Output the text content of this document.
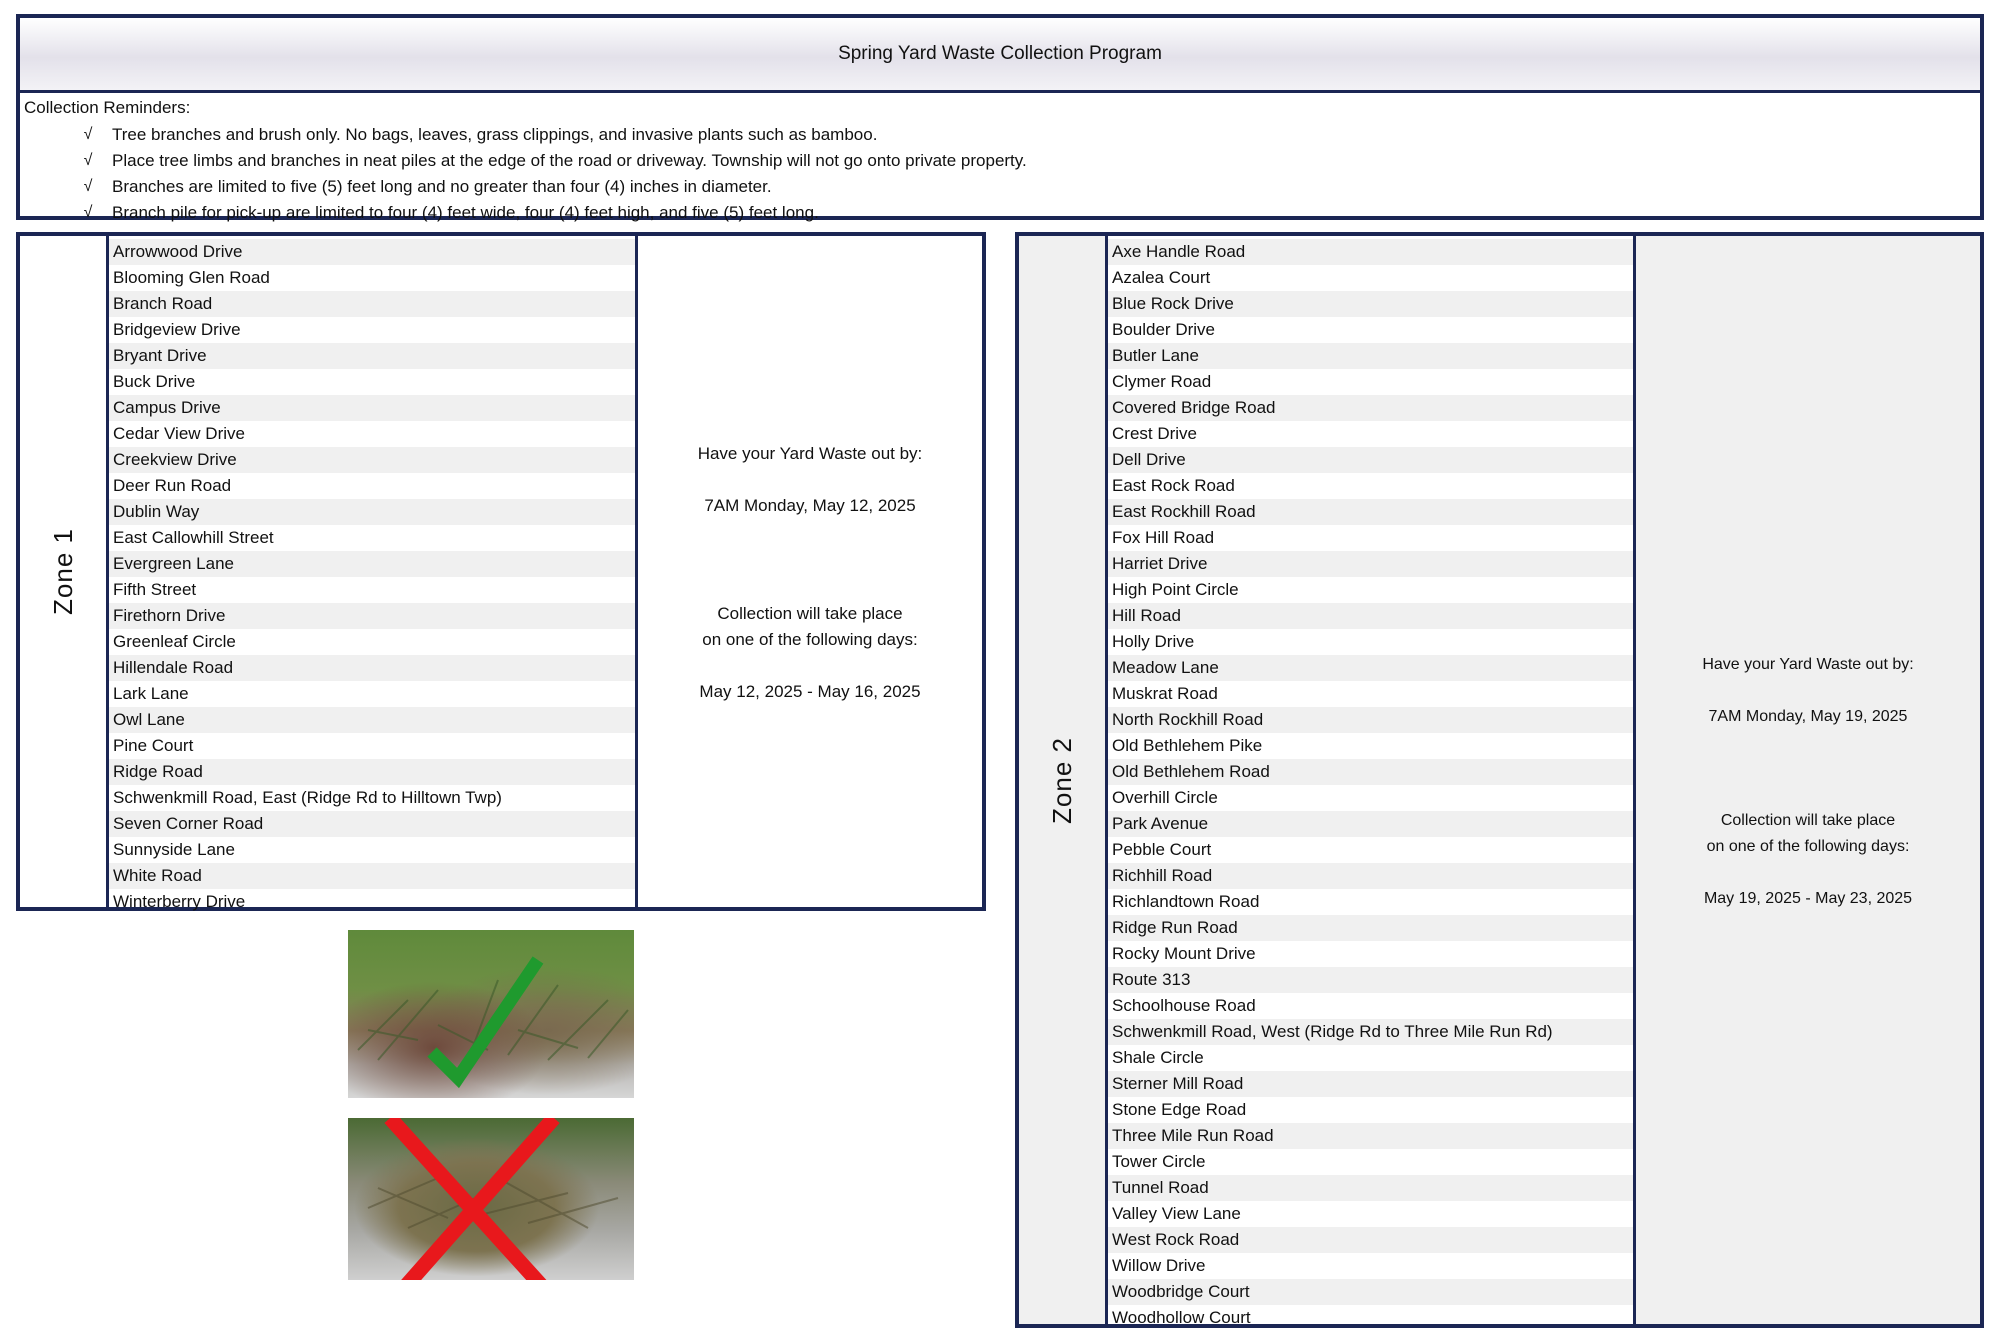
Spring Yard Waste Collection Program
Collection Reminders:
√	Tree branches and brush only. No bags, leaves, grass clippings, and invasive plants such as bamboo.
√	Place tree limbs and branches in neat piles at the edge of the road or driveway. Township will not go onto private property.
√	Branches are limited to five (5) feet long and no greater than four (4) inches in diameter.
√	Branch pile for pick-up are limited to four (4) feet wide, four (4) feet high, and five (5) feet long.
Zone 1
Arrowwood Drive
Blooming Glen Road
Branch Road
Bridgeview Drive
Bryant Drive
Buck Drive
Campus Drive
Cedar View Drive
Creekview Drive
Deer Run Road
Dublin Way
East Callowhill Street
Evergreen Lane
Fifth Street
Firethorn Drive
Greenleaf Circle
Hillendale Road
Lark Lane
Owl Lane
Pine Court
Ridge Road
Schwenkmill Road, East (Ridge Rd to Hilltown Twp)
Seven Corner Road
Sunnyside Lane
White Road
Winterberry Drive
Have your Yard Waste out by:
7AM Monday, May 12, 2025
Collection will take place
on one of the following days:
May 12, 2025 - May 16, 2025
Zone 2
Axe Handle Road
Azalea Court
Blue Rock Drive
Boulder Drive
Butler Lane
Clymer Road
Covered Bridge Road
Crest Drive
Dell Drive
East Rock Road
East Rockhill Road
Fox Hill Road
Harriet Drive
High Point Circle
Hill Road
Holly Drive
Meadow Lane
Muskrat Road
North Rockhill Road
Old Bethlehem Pike
Old Bethlehem Road
Overhill Circle
Park Avenue
Pebble Court
Richhill Road
Richlandtown Road
Ridge Run Road
Rocky Mount Drive
Route 313
Schoolhouse Road
Schwenkmill Road, West (Ridge Rd to Three Mile Run Rd)
Shale Circle
Sterner Mill Road
Stone Edge Road
Three Mile Run Road
Tower Circle
Tunnel Road
Valley View Lane
West Rock Road
Willow Drive
Woodbridge Court
Woodhollow Court
Have your Yard Waste out by:
7AM Monday, May 19, 2025
Collection will take place
on one of the following days:
May 19, 2025 - May 23, 2025
